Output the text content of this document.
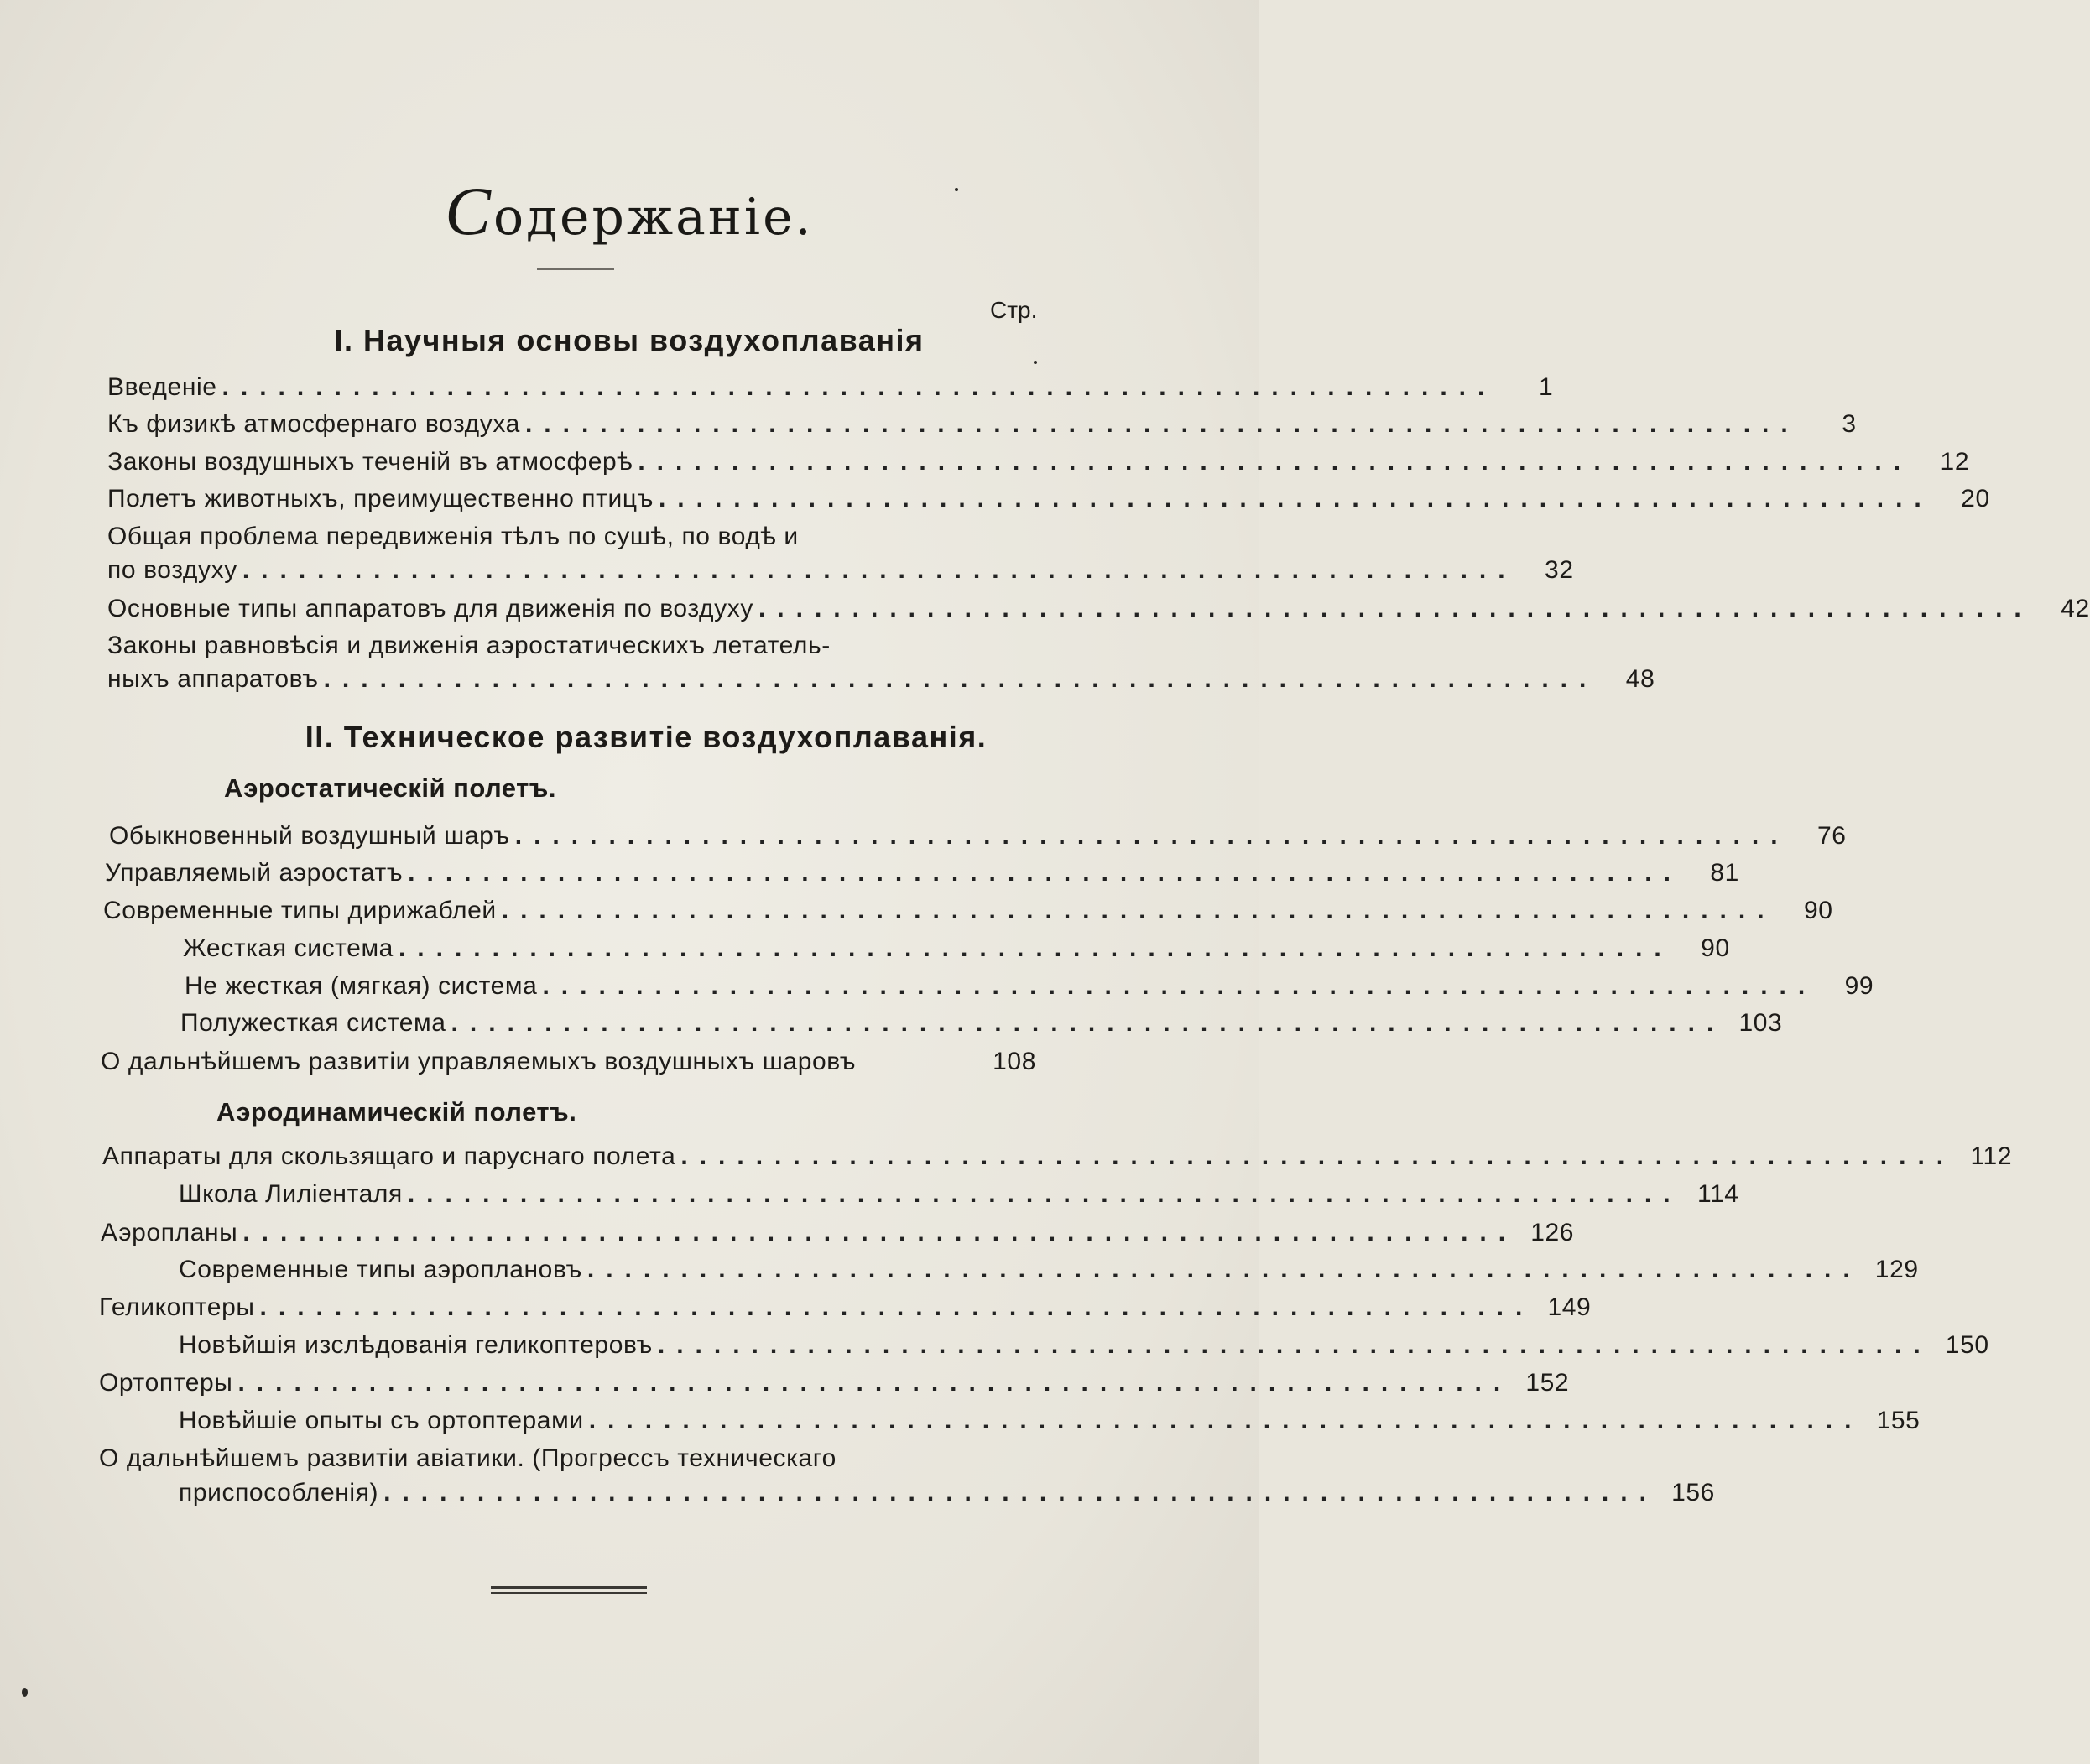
Содержаніе.
Стр.
I. Научныя основы воздухоплаванія
Введеніе ....................................................................	1
Къ физикѣ атмосфернаго воздуха ....................................................................	3
Законы воздушныхъ теченій въ атмосферѣ ....................................................................	12
Полетъ животныхъ, преимущественно птицъ ....................................................................	20
Общая проблема передвиженія тѣлъ по сушѣ, по водѣ и
по воздуху ....................................................................	32
Основные типы аппаратовъ для движенія по воздуху ....................................................................	42
Законы равновѣсія и движенія аэростатическихъ летатель-
ныхъ аппаратовъ ....................................................................	48
II. Техническое развитіе воздухоплаванія.
Аэростатическій полетъ.
Обыкновенный воздушный шаръ ....................................................................	76
Управляемый аэростатъ ....................................................................	81
Современные типы дирижаблей ....................................................................	90
Жесткая система ....................................................................	90
Не жесткая (мягкая) система ....................................................................	99
Полужесткая система .................................................................... 103
О дальнѣйшемъ развитіи управляемыхъ воздушныхъ шаровъ	108
Аэродинамическій полетъ.
Аппараты для скользящаго и паруснаго полета .................................................................... 112
Школа Лиліенталя .................................................................... 114
Аэропланы .................................................................... 126
Современные типы аэроплановъ .................................................................... 129
Геликоптеры .................................................................... 149
Новѣйшія изслѣдованія геликоптеровъ .................................................................... 150
Ортоптеры .................................................................... 152
Новѣйшіе опыты съ ортоптерами .................................................................... 155
О дальнѣйшемъ развитіи авіатики. (Прогрессъ техническаго
приспособленія) .................................................................... 156
